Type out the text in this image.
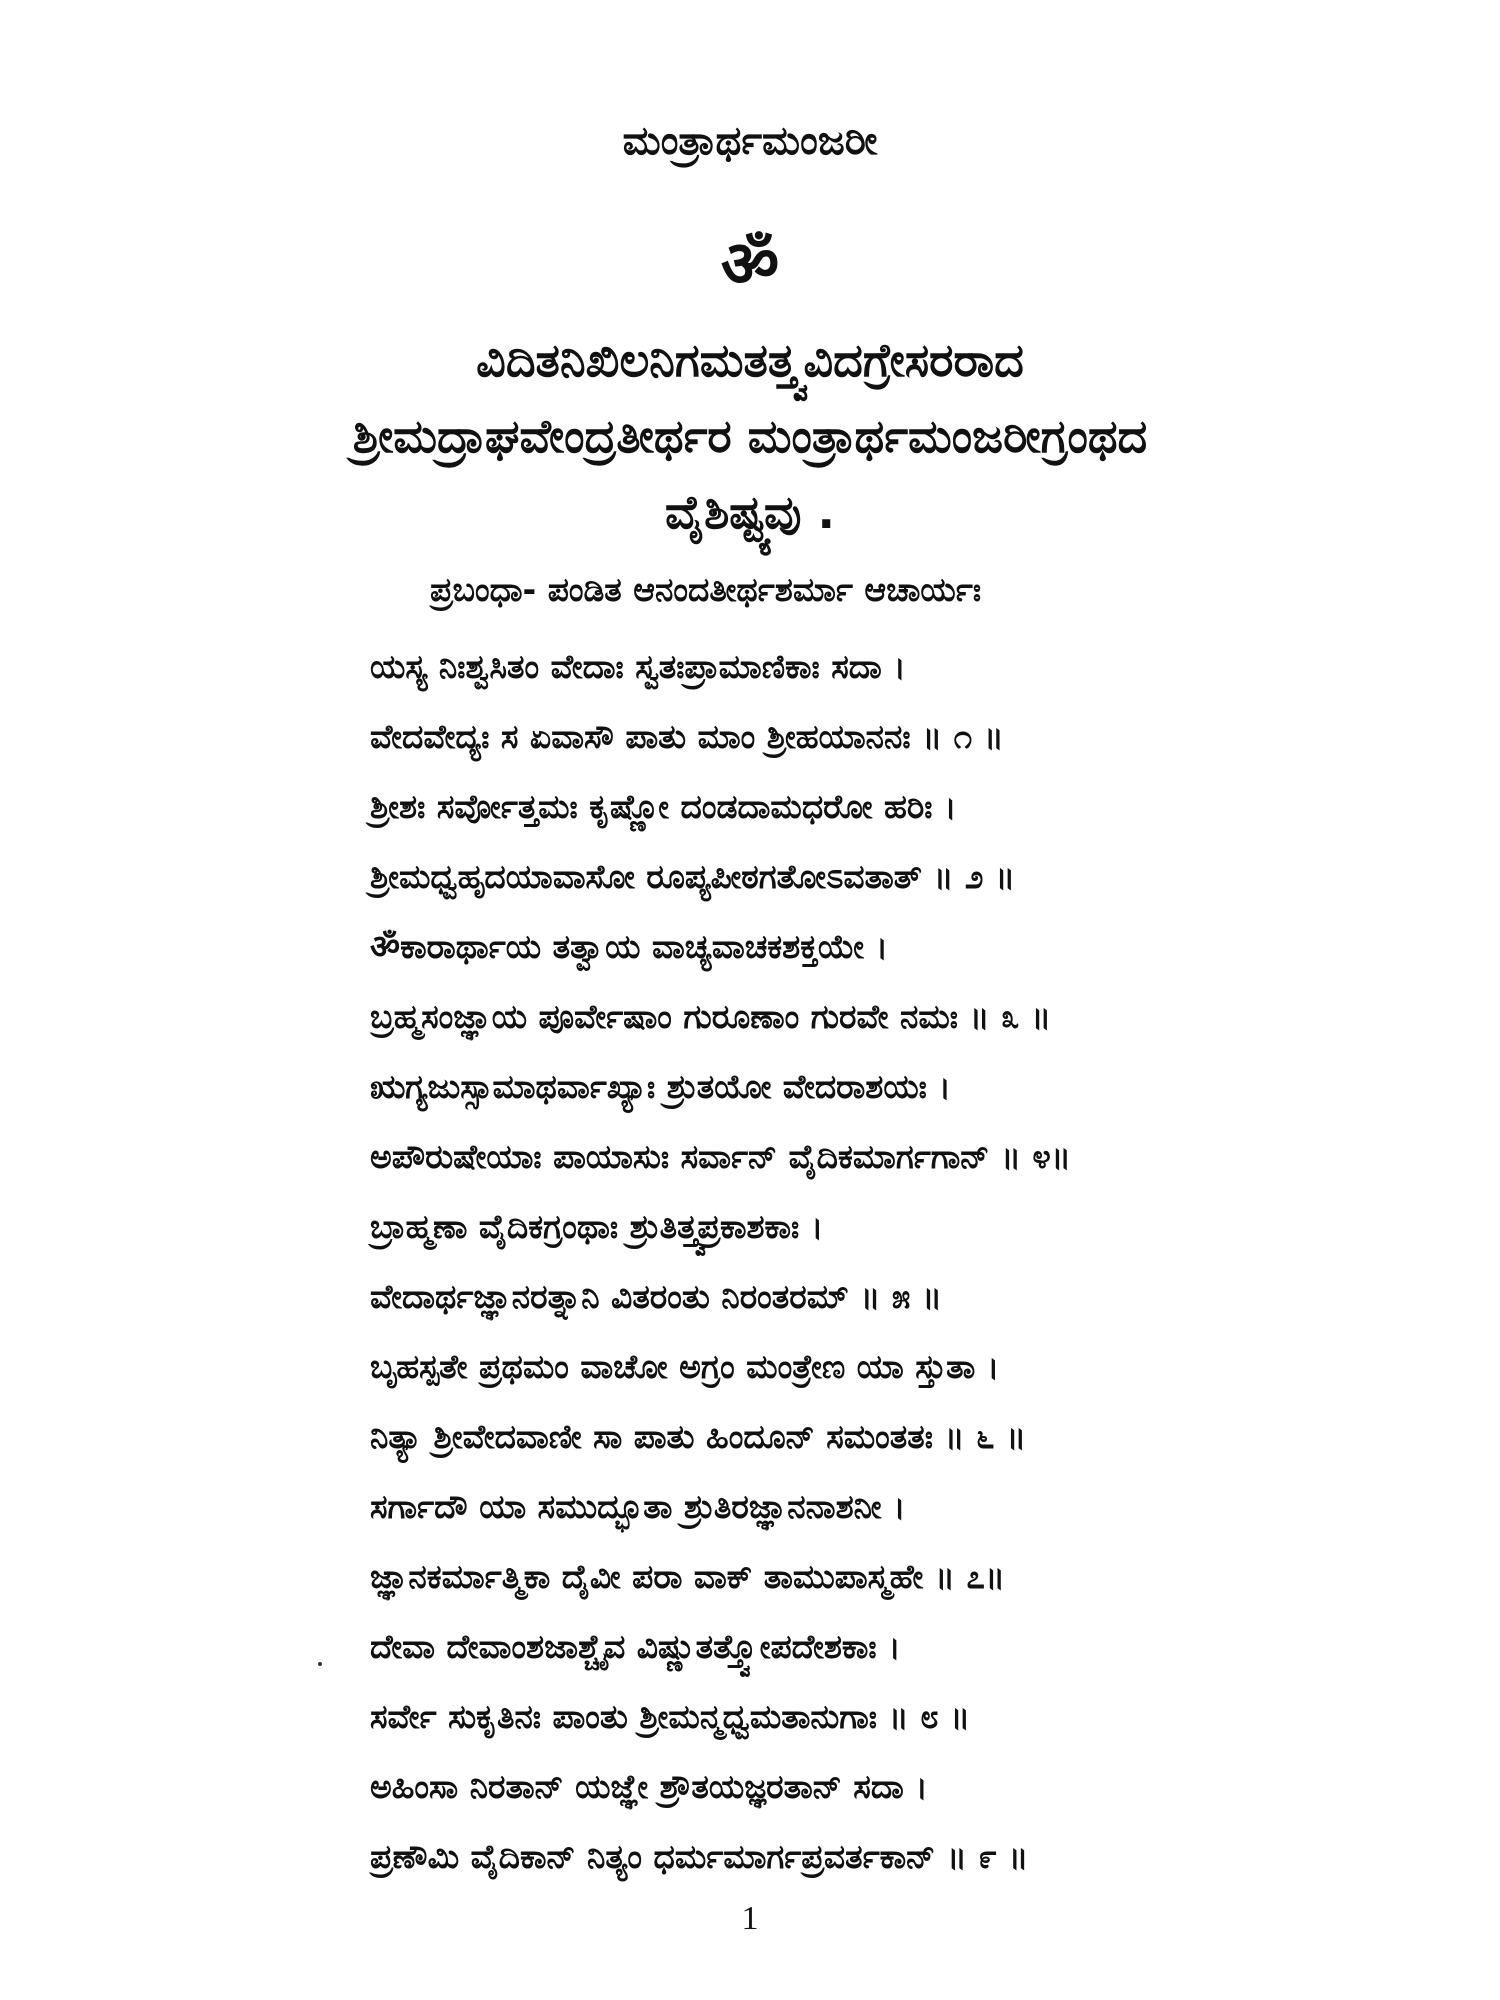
ಮಂತ್ರಾರ್ಥಮಂಜರೀ
ॐ
ವಿದಿತನಿಖಿಲನಿಗಮತತ್ತ್ವವಿದಗ್ರೇಸರರಾದ
ಶ್ರೀಮದ್ರಾಘವೇಂದ್ರತೀರ್ಥರ ಮಂತ್ರಾರ್ಥಮಂಜರೀಗ್ರಂಥದ
ವೈಶಿಷ್ಟ್ಯವು .
ಪ್ರಬಂಧಾ- ಪಂಡಿತ ಆನಂದತೀರ್ಥಶರ್ಮಾ ಆಚಾರ್ಯಃ
ಯಸ್ಯ ನಿಃಶ್ವಸಿತಂ ವೇದಾಃ ಸ್ವತಃಪ್ರಾಮಾಣಿಕಾಃ ಸದಾ ।
ವೇದವೇದ್ಯಃ ಸ ಏವಾಸೌ ಪಾತು ಮಾಂ ಶ್ರೀಹಯಾನನಃ ॥ ೧ ॥
ಶ್ರೀಶಃ ಸರ್ವೋತ್ತಮಃ ಕೃಷ್ಣೋ ದಂಡದಾಮಧರೋ ಹರಿಃ ।
ಶ್ರೀಮಧ್ವಹೃದಯಾವಾಸೋ ರೂಪ್ಯಪೀಠಗತೋಽವತಾತ್ ॥ ೨ ॥
ॐಕಾರಾರ್ಥಾಯ ತತ್ವಾಯ ವಾಚ್ಯವಾಚಕಶಕ್ತಯೇ ।
ಬ್ರಹ್ಮಸಂಜ್ಞಾಯ ಪೂರ್ವೇಷಾಂ ಗುರೂಣಾಂ ಗುರವೇ ನಮಃ ॥ ೩ ॥
ಋಗ್ಯಜುಸ್ಸಾಮಾಥರ್ವಾಖ್ಯಾಃ ಶ್ರುತಯೋ ವೇದರಾಶಯಃ ।
ಅಪೌರುಷೇಯಾಃ ಪಾಯಾಸುಃ ಸರ್ವಾನ್ ವೈದಿಕಮಾರ್ಗಗಾನ್ ॥ ೪॥
ಬ್ರಾಹ್ಮಣಾ ವೈದಿಕಗ್ರಂಥಾಃ ಶ್ರುತಿತ್ತ್ವಪ್ರಕಾಶಕಾಃ ।
ವೇದಾರ್ಥಜ್ಞಾನರತ್ನಾನಿ ವಿತರಂತು ನಿರಂತರಮ್ ॥ ೫ ॥
ಬೃಹಸ್ಪತೇ ಪ್ರಥಮಂ ವಾಚೋ ಅಗ್ರಂ ಮಂತ್ರೇಣ ಯಾ ಸ್ತುತಾ ।
ನಿತ್ಯಾ ಶ್ರೀವೇದವಾಣೀ ಸಾ ಪಾತು ಹಿಂದೂನ್ ಸಮಂತತಃ ॥ ೬ ॥
ಸರ್ಗಾದೌ ಯಾ ಸಮುದ್ಭೂತಾ ಶ್ರುತಿರಜ್ಞಾನನಾಶನೀ ।
ಜ್ಞಾನಕರ್ಮಾತ್ಮಿಕಾ ದೈವೀ ಪರಾ ವಾಕ್ ತಾಮುಪಾಸ್ಮಹೇ ॥ ೭॥
ದೇವಾ ದೇವಾಂಶಜಾಶ್ಚೈವ ವಿಷ್ಣುತತ್ತ್ವೋಪದೇಶಕಾಃ ।
ಸರ್ವೇ ಸುಕೃತಿನಃ ಪಾಂತು ಶ್ರೀಮನ್ಮಧ್ವಮತಾನುಗಾಃ ॥ ೮ ॥
ಅಹಿಂಸಾ ನಿರತಾನ್ ಯಜ್ಞೇ ಶ್ರೌತಯಜ್ಞರತಾನ್ ಸದಾ ।
ಪ್ರಣೌಮಿ ವೈದಿಕಾನ್ ನಿತ್ಯಂ ಧರ್ಮಮಾರ್ಗಪ್ರವರ್ತಕಾನ್ ॥ ೯ ॥
1
